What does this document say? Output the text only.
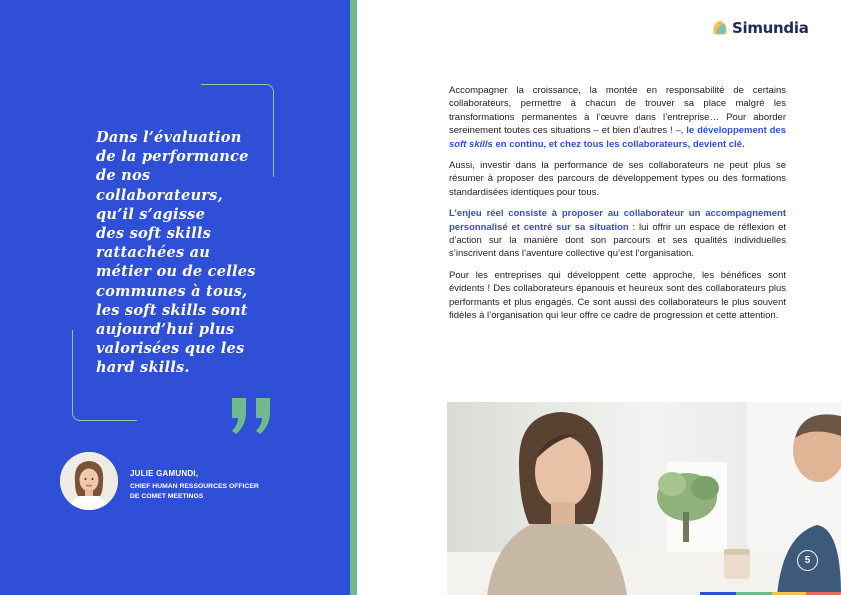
Dans l’évaluation
de la performance
de nos
collaborateurs,
qu’il s’agisse
des soft skills
rattachées au
métier ou de celles
communes à tous,
les soft skills sont
aujourd’hui plus
valorisées que les
hard skills.

JULIE GAMUNDI,
CHIEF HUMAN RESSOURCES OFFICER
DE COMET MEETINGS
Simundia

Accompagner la croissance, la montée en responsabilité de certains collaborateurs, permettre à chacun de trouver sa place malgré les transformations permanentes à l’œuvre dans l’entreprise… Pour aborder sereinement toutes ces situations – et bien d’autres ! –, le développement des soft skills en continu, et chez tous les collaborateurs, devient clé.

Aussi, investir dans la performance de ses collaborateurs ne peut plus se résumer à proposer des parcours de développement types ou des formations standardisées identiques pour tous.

L’enjeu réel consiste à proposer au collaborateur un accompagnement personnalisé et centré sur sa situation : lui offrir un espace de réflexion et d’action sur la manière dont son parcours et ses qualités individuelles s’inscrivent dans l’aventure collective qu’est l’organisation.

Pour les entreprises qui développent cette approche, les bénéfices sont évidents ! Des collaborateurs épanouis et heureux sont des collaborateurs plus performants et plus engagés. Ce sont aussi des collaborateurs le plus souvent fidèles à l’organisation qui leur offre ce cadre de progression et cette attention.

5
